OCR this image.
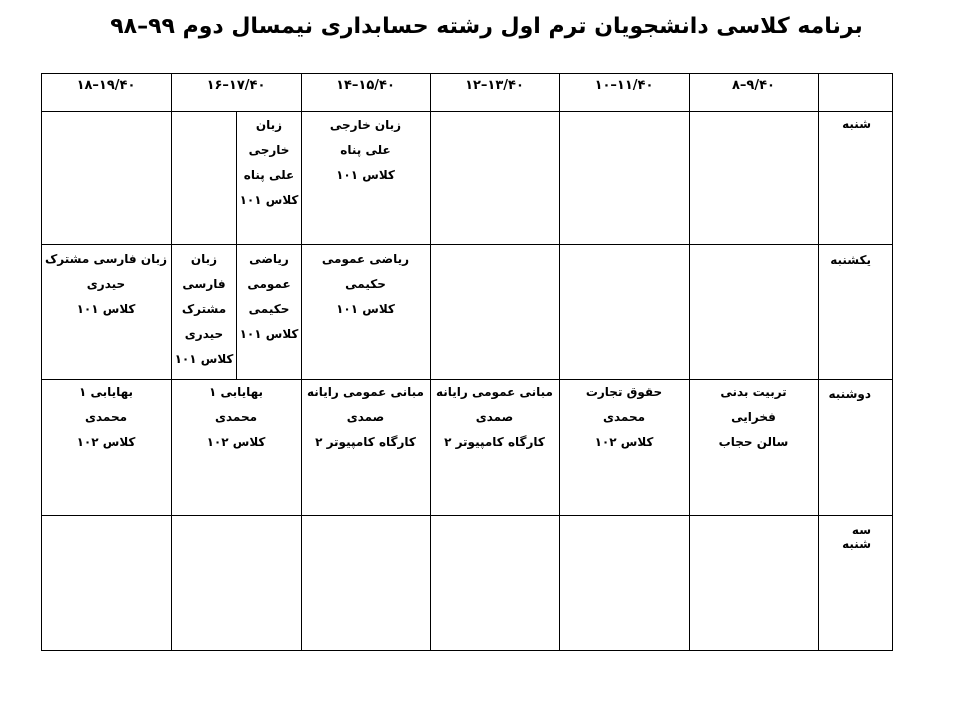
برنامه کلاسی دانشجویان ترم اول رشته حسابداری نیمسال دوم ۹۹–۹۸
۸–۹/۴۰
۱۰–۱۱/۴۰
۱۲–۱۳/۴۰
۱۴–۱۵/۴۰
۱۶–۱۷/۴۰
۱۸–۱۹/۴۰
شنبه
یکشنبه
دوشنبه
سه شنبه
زبان خارجی
علی پناه
کلاس ۱۰۱
زبان خارجی
علی پناه
کلاس ۱۰۱
ریاضی عمومی
حکیمی
کلاس ۱۰۱
ریاضی عمومی
حکیمی
کلاس ۱۰۱
زبان فارسی مشترک
حیدری
کلاس ۱۰۱
زبان فارسی مشترک
حیدری
کلاس ۱۰۱
تربیت بدنی
فخرایی
سالن حجاب
حقوق تجارت
محمدی
کلاس ۱۰۲
مبانی عمومی رایانه
صمدی
کارگاه کامپیوتر ۲
مبانی عمومی رایانه
صمدی
کارگاه کامپیوتر ۲
بهایابی ۱
محمدی
کلاس ۱۰۲
بهایابی ۱
محمدی
کلاس ۱۰۲
